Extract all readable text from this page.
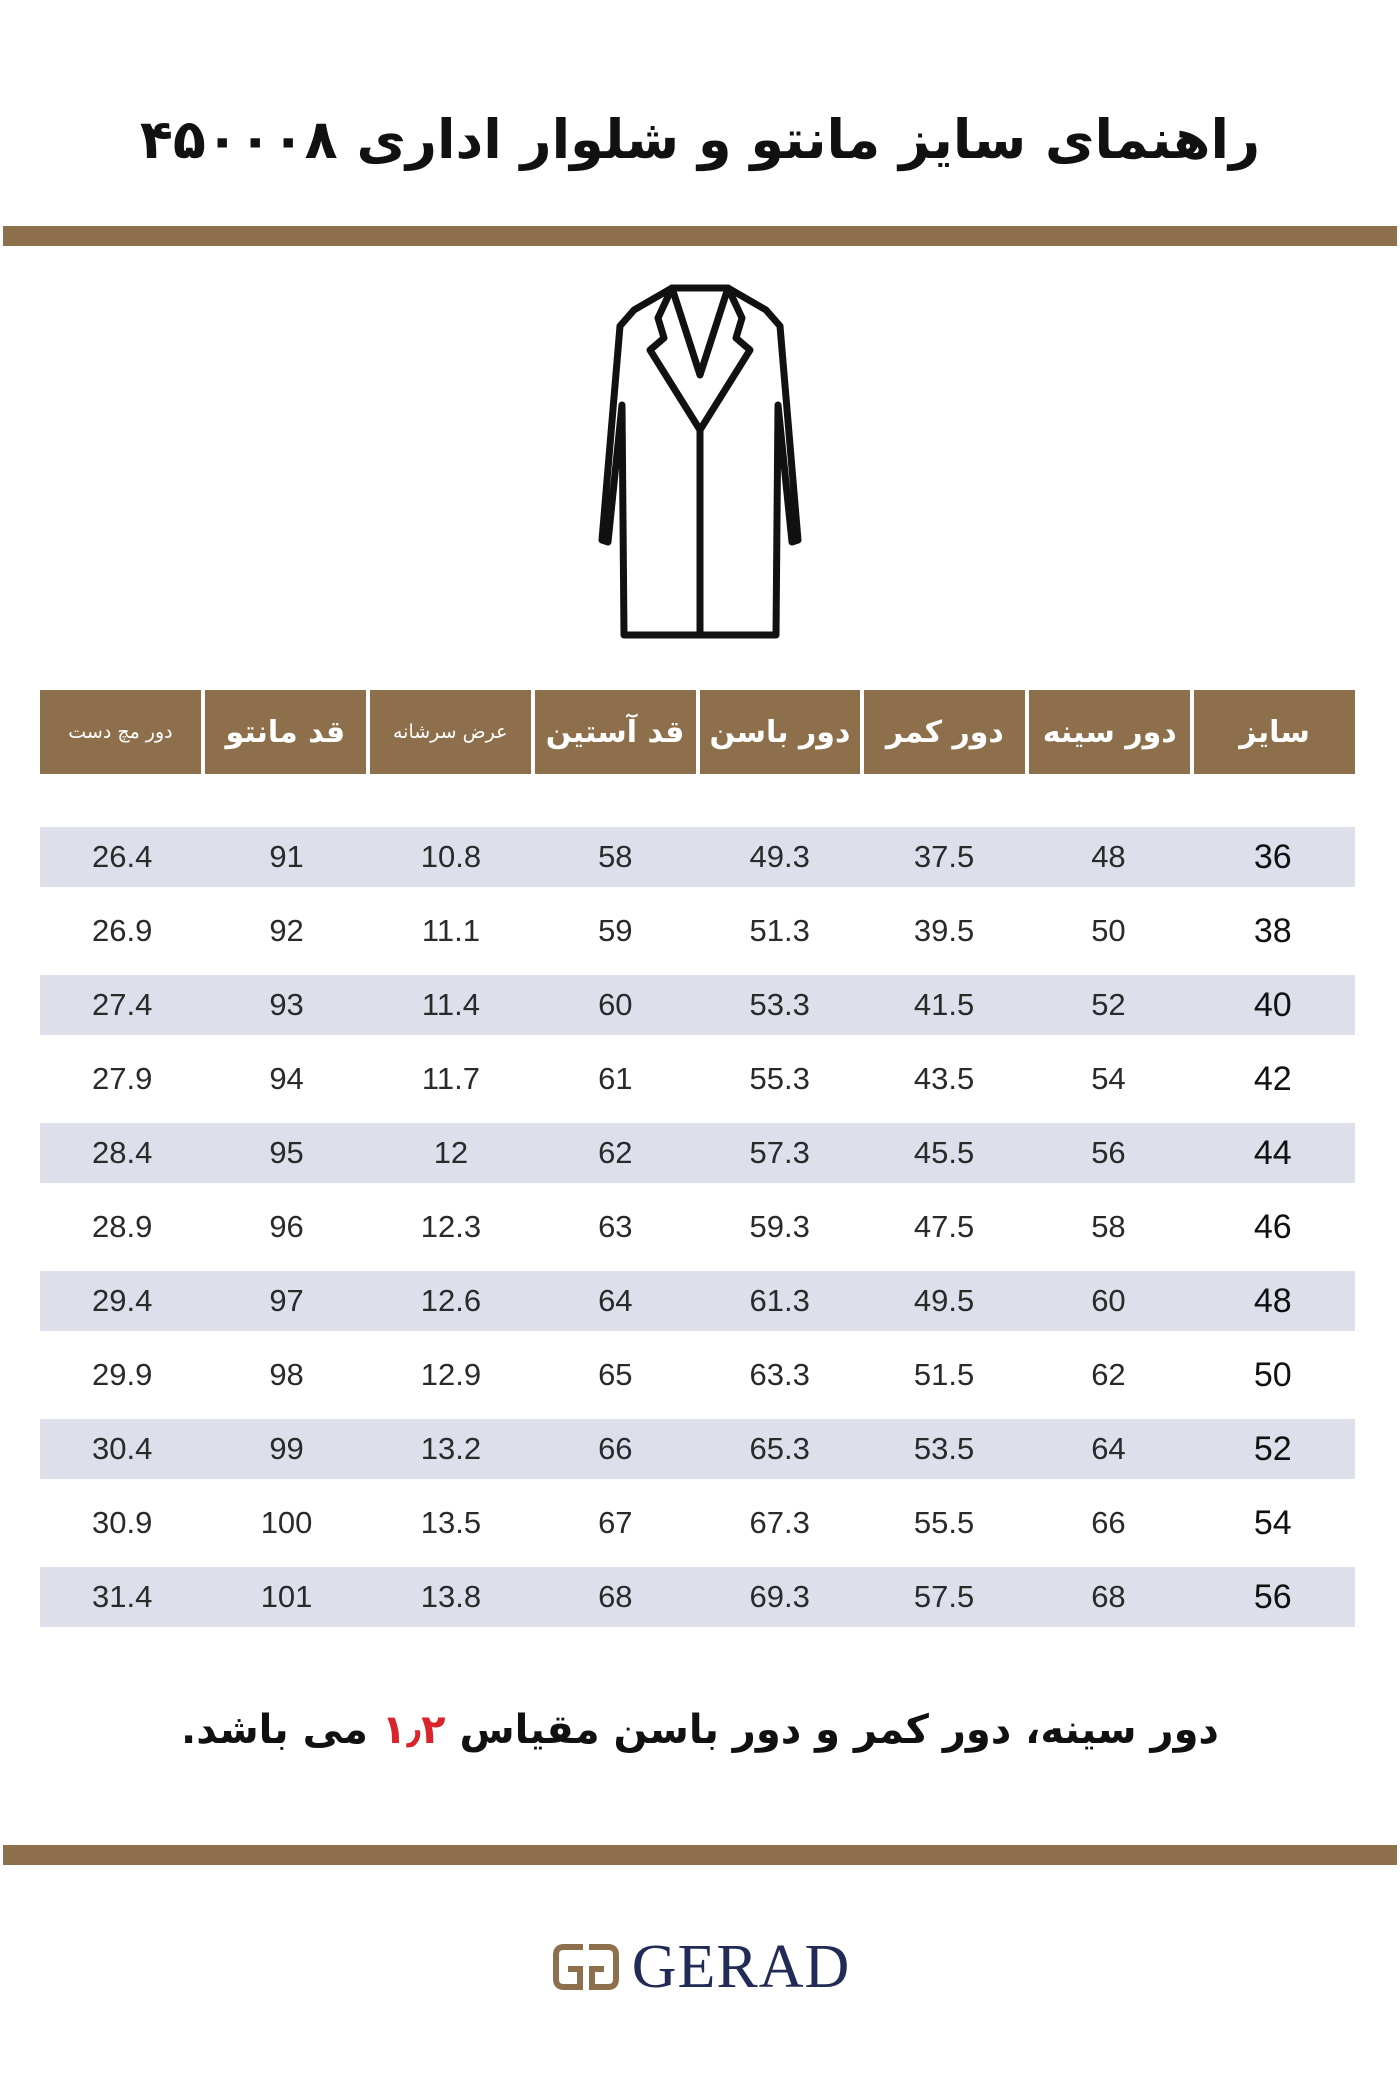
راهنمای سایز مانتو و شلوار اداری ۴۵۰۰۰۸
سایز
دور سینه
دور کمر
دور باسن
قد آستین
عرض سرشانه
قد مانتو
دور مچ دست
36
48
37.5
49.3
58
10.8
91
26.4
38
50
39.5
51.3
59
11.1
92
26.9
40
52
41.5
53.3
60
11.4
93
27.4
42
54
43.5
55.3
61
11.7
94
27.9
44
56
45.5
57.3
62
12
95
28.4
46
58
47.5
59.3
63
12.3
96
28.9
48
60
49.5
61.3
64
12.6
97
29.4
50
62
51.5
63.3
65
12.9
98
29.9
52
64
53.5
65.3
66
13.2
99
30.4
54
66
55.5
67.3
67
13.5
100
30.9
56
68
57.5
69.3
68
13.8
101
31.4
دور سینه، دور کمر و دور باسن مقیاس ۱٫۲ می باشد.
GERAD
